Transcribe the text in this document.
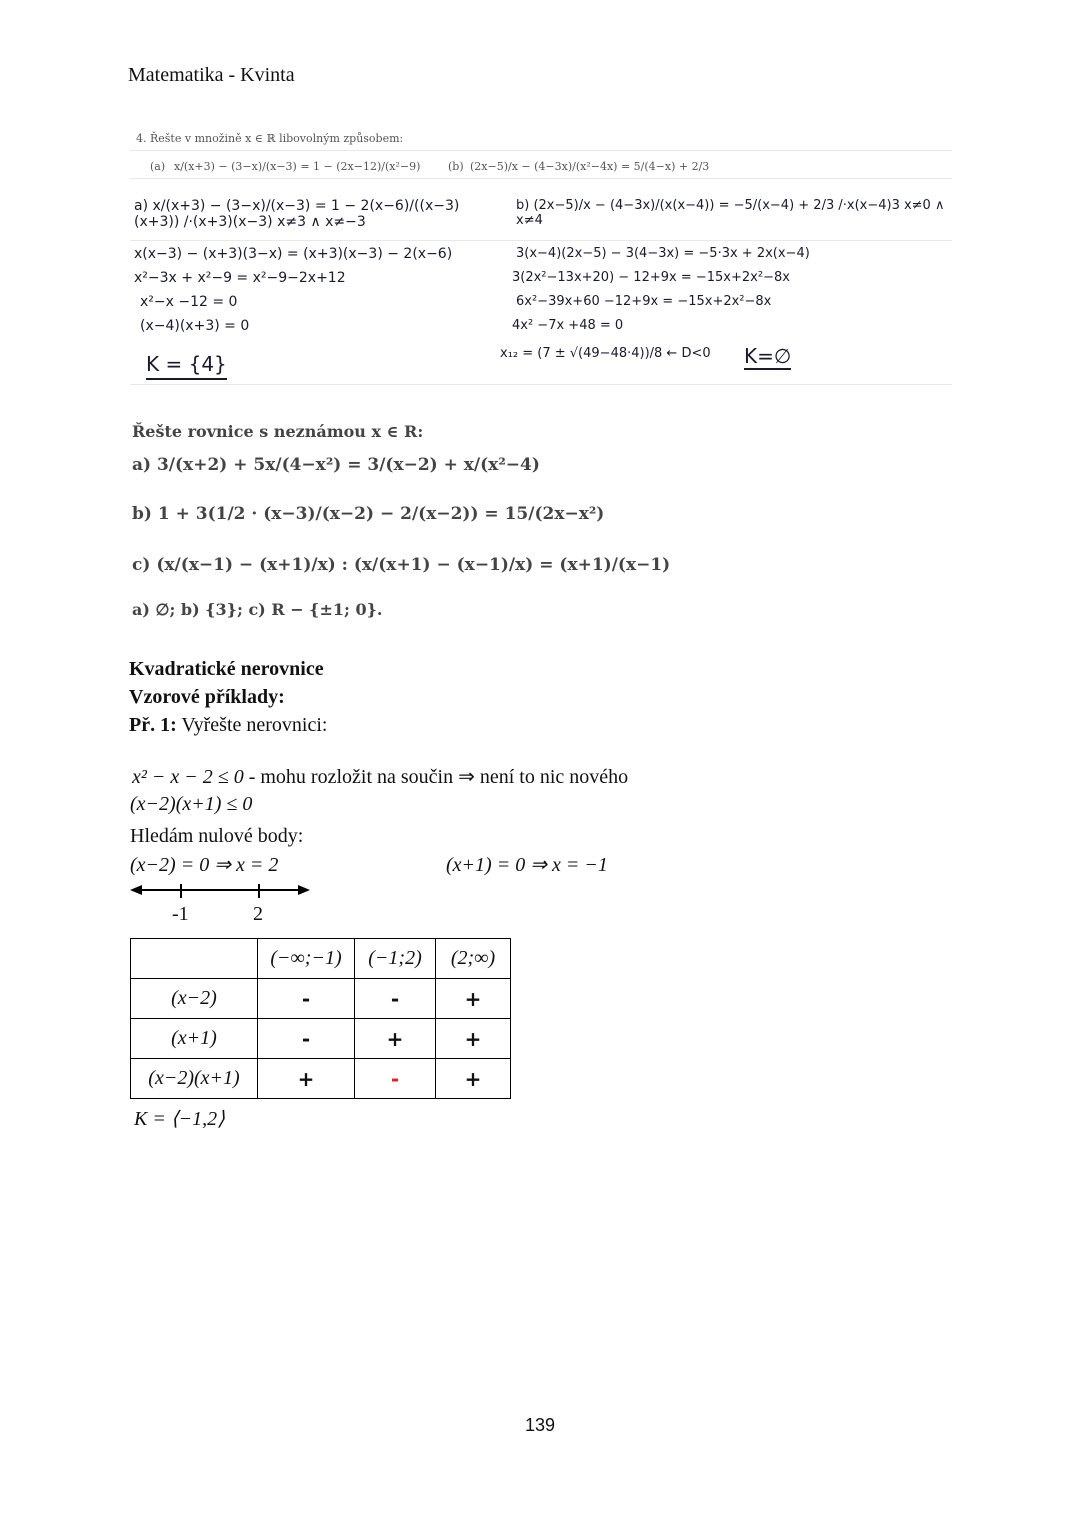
Matematika - Kvinta
4. Řešte v množině x ∈ ℝ libovolným způsobem:
(a) x/(x+3) − (3−x)/(x−3) = 1 − (2x−12)/(x²−9)	(b) (2x−5)/x − (4−3x)/(x²−4x) = 5/(4−x) + 2/3
a) x/(x+3) − (3−x)/(x−3) = 1 − 2(x−6)/((x−3)(x+3)) /·(x+3)(x−3) x≠3 ∧ x≠−3
x(x−3) − (x+3)(3−x) = (x+3)(x−3) − 2(x−6)
x²−3x + x²−9 = x²−9−2x+12
x²−x −12 = 0
(x−4)(x+3) = 0
K = {4}
b) (2x−5)/x − (4−3x)/(x(x−4)) = −5/(x−4) + 2/3 /·x(x−4)3 x≠0 ∧ x≠4
3(x−4)(2x−5) − 3(4−3x) = −5·3x + 2x(x−4)
3(2x²−13x+20) − 12+9x = −15x+2x²−8x
6x²−39x+60 −12+9x = −15x+2x²−8x
4x² −7x +48 = 0
x₁₂ = (7 ± √(49−48·4))/8 ← D<0 K=∅
Řešte rovnice s neznámou x ∈ R:
a) 3/(x+2) + 5x/(4−x²) = 3/(x−2) + x/(x²−4)
b) 1 + 3(1/2 · (x−3)/(x−2) − 2/(x−2)) = 15/(2x−x²)
c) (x/(x−1) − (x+1)/x) : (x/(x+1) − (x−1)/x) = (x+1)/(x−1)
a) ∅; b) {3}; c) R − {±1; 0}.
Kvadratické nerovnice
Vzorové příklady:
Př. 1: Vyřešte nerovnici:
x² − x − 2 ≤ 0 - mohu rozložit na součin ⇒ není to nic nového
(x−2)(x+1) ≤ 0
Hledám nulové body:
(x−2) = 0 ⇒ x = 2	(x+1) = 0 ⇒ x = −1
-1	2
	(−∞;−1)	(−1;2)	(2;∞)
(x−2)	-	-	+
(x+1)	-	+	+
(x−2)(x+1)	+	-	+
K = ⟨−1,2⟩
139
